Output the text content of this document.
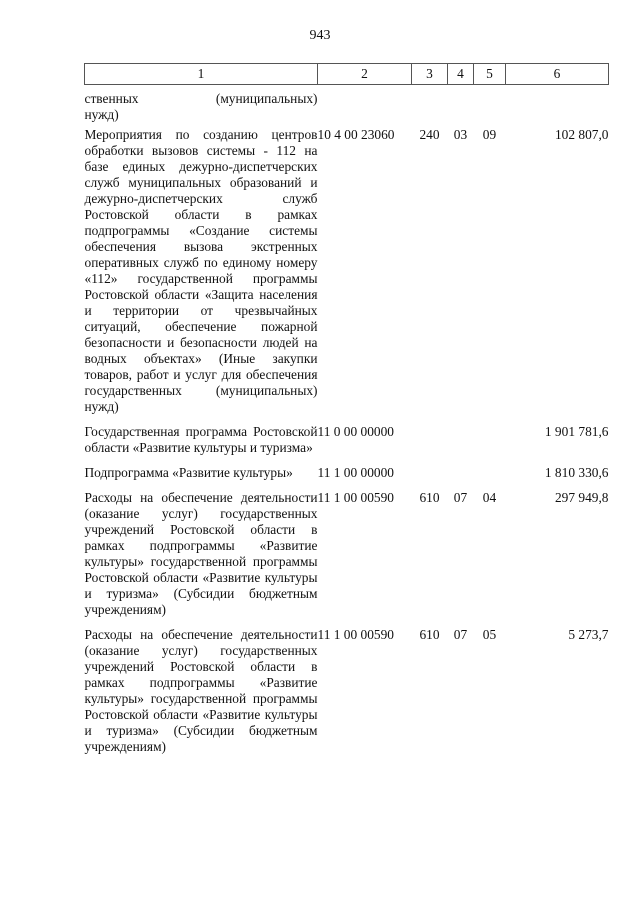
943
1	2	3	4	5	6

ственных (муниципальных)
нужд)					

Мероприятия по созданию центров обработки вызовов системы - 112 на базе единых дежурно-диспетчерских служб муниципальных образований и дежурно-диспетчерских служб Ростовской области в рамках подпрограммы «Создание системы обеспечения вызова экстренных оперативных служб по единому номеру «112» государственной программы Ростовской области «Защита населения и территории от чрезвычайных ситуаций, обеспечение пожарной безопасности и безопасности людей на водных объектах» (Иные закупки товаров, работ и услуг для обеспечения государственных (муниципальных) нужд)	10 4 00 23060	240	03	09	102 807,0
Государственная программа Ростовской области «Развитие культуры и туризма»	11 0 00 00000				1 901 781,6
Подпрограмма «Развитие культуры»	11 1 00 00000				1 810 330,6
Расходы на обеспечение деятельности (оказание услуг) государственных учреждений Ростовской области в рамках подпрограммы «Развитие культуры» государственной программы Ростовской области «Развитие культуры и туризма» (Субсидии бюджетным учреждениям)	11 1 00 00590	610	07	04	297 949,8
Расходы на обеспечение деятельности (оказание услуг) государственных учреждений Ростовской области в рамках подпрограммы «Развитие культуры» государственной программы Ростовской области «Развитие культуры и туризма» (Субсидии бюджетным учреждениям)	11 1 00 00590	610	07	05	5 273,7
